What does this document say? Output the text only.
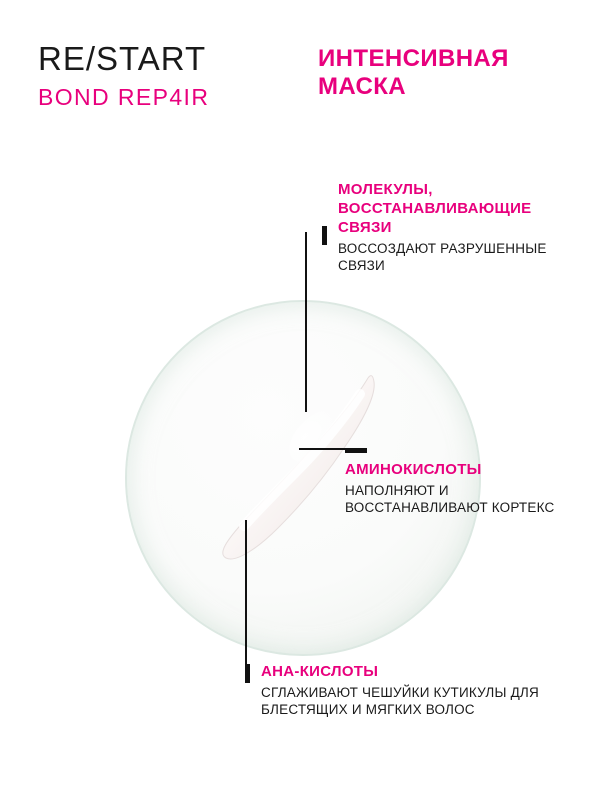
RE/START
BOND REP4IR
ИНТЕНСИВНАЯ МАСКА
МОЛЕКУЛЫ, ВОССТАНАВЛИВАЮЩИЕ СВЯЗИ
ВОССОЗДАЮТ РАЗРУШЕННЫЕ СВЯЗИ
АМИНОКИСЛОТЫ
НАПОЛНЯЮТ И ВОССТАНАВЛИВАЮТ КОРТЕКС
AHA-КИСЛОТЫ
СГЛАЖИВАЮТ ЧЕШУЙКИ КУТИКУЛЫ ДЛЯ БЛЕСТЯЩИХ И МЯГКИХ ВОЛОС
